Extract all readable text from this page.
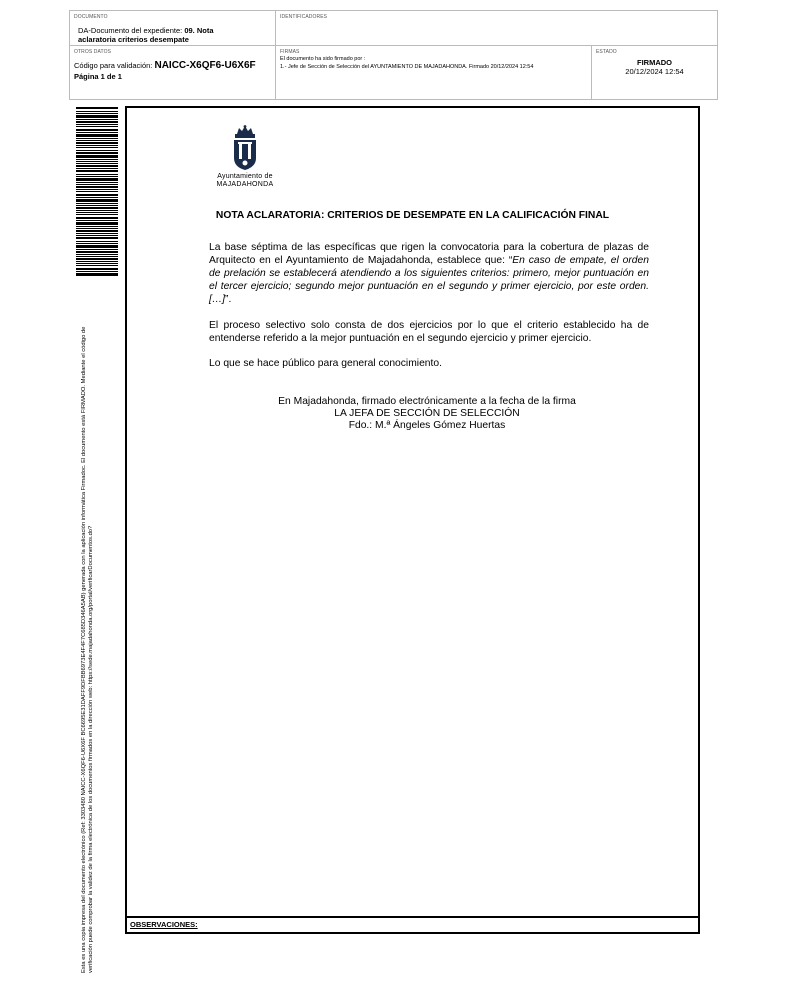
DOCUMENTO
DA-Documento del expediente: 09. Nota aclaratoria criterios desempate
IDENTIFICADORES
OTROS DATOS
Código para validación: NAICC-X6QF6-U6X6F
Página 1 de 1
FIRMAS
El documento ha sido firmado por :
1.- Jefe de Sección de Selección del AYUNTAMIENTO DE MAJADAHONDA. Firmado 20/12/2024 12:54
ESTADO
FIRMADO
20/12/2024 12:54
Esta es una copia impresa del documento electrónico (Ref: 3303480 NAICC-X6QF6-U6X6F BC6695E31DAFF9DFBB6973E4F4F7C685D346A5AB) generada con la aplicación informática Firmadoc. El documento está FIRMADO. Mediante el código de verificación puede comprobar la validez de la firma electrónica de los documentos firmados en la dirección web: https://sede.majadahonda.org/portal/verificarDocumentos.do?
Ayuntamiento de
MAJADAHONDA
NOTA ACLARATORIA: CRITERIOS DE DESEMPATE EN LA CALIFICACIÓN FINAL
La base séptima de las específicas que rigen la convocatoria para la cobertura de plazas de Arquitecto en el Ayuntamiento de Majadahonda, establece que: “En caso de empate, el orden de prelación se establecerá atendiendo a los siguientes criterios: primero, mejor puntuación en el tercer ejercicio; segundo mejor puntuación en el segundo y primer ejercicio, por este orden. […]”.
El proceso selectivo solo consta de dos ejercicios por lo que el criterio establecido ha de entenderse referido a la mejor puntuación en el segundo ejercicio y primer ejercicio.
Lo que se hace público para general conocimiento.
En Majadahonda, firmado electrónicamente a la fecha de la firma
LA JEFA DE SECCIÓN DE SELECCIÓN
Fdo.: M.ª Ángeles Gómez Huertas
OBSERVACIONES:
